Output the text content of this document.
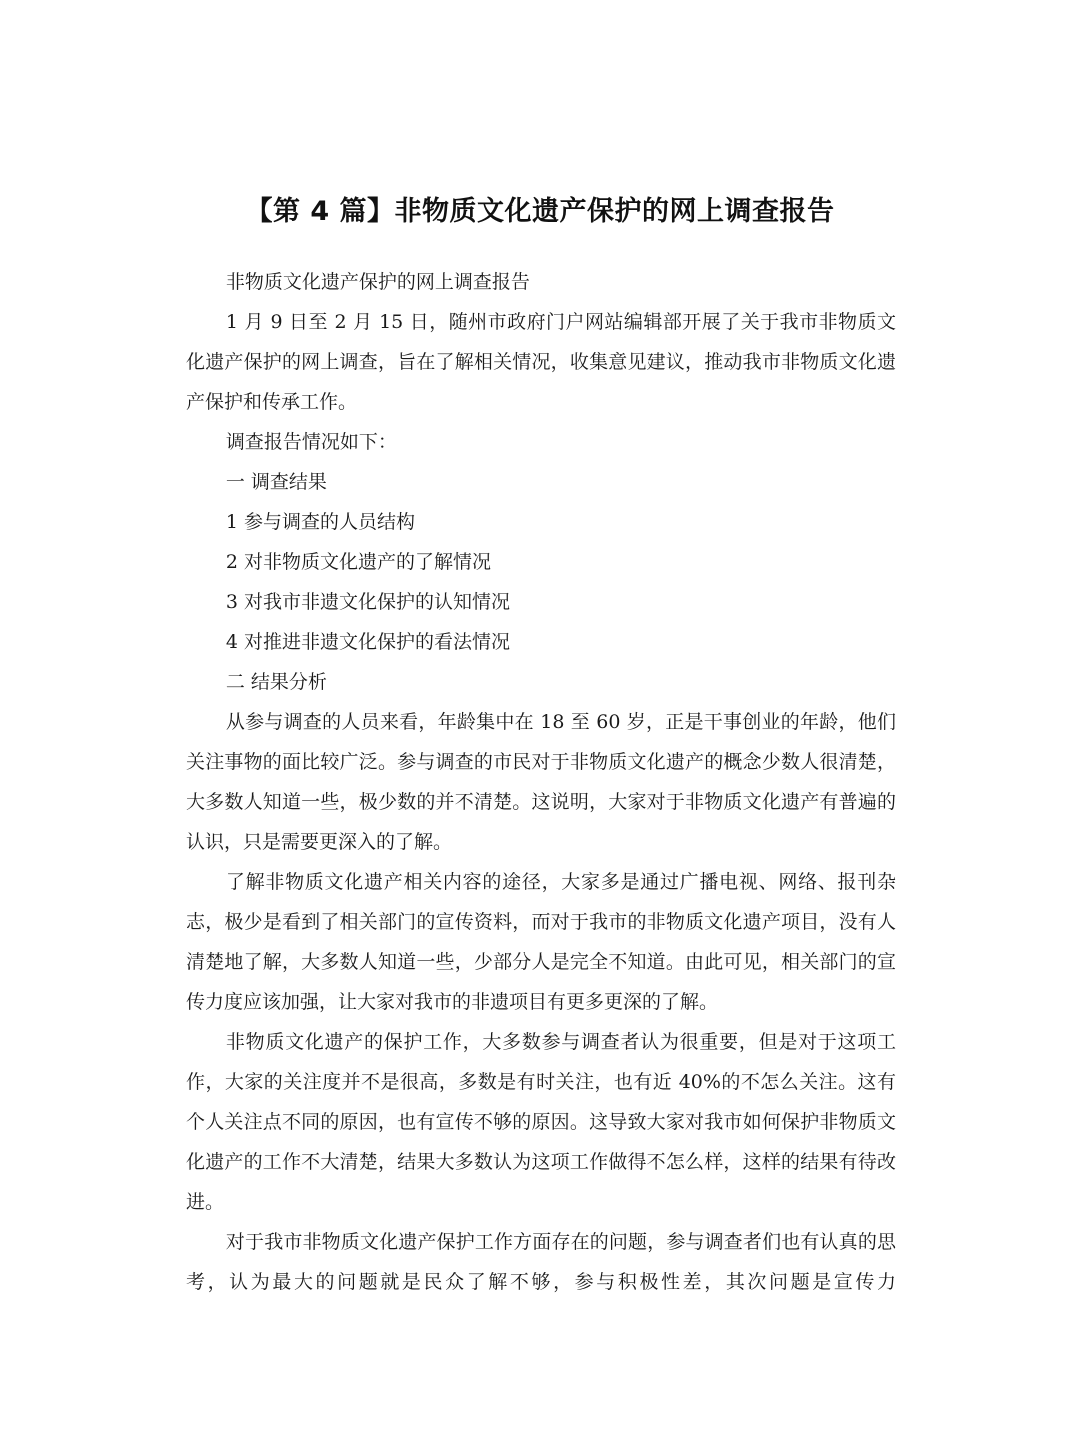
【第 4 篇】非物质文化遗产保护的网上调查报告

非物质文化遗产保护的网上调查报告

1 月 9 日至 2 月 15 日，随州市政府门户网站编辑部开展了关于我市非物质文化遗产保护的网上调查，旨在了解相关情况，收集意见建议，推动我市非物质文化遗产保护和传承工作。

调查报告情况如下：

一 调查结果

1 参与调查的人员结构

2 对非物质文化遗产的了解情况

3 对我市非遗文化保护的认知情况

4 对推进非遗文化保护的看法情况

二 结果分析

从参与调查的人员来看，年龄集中在 18 至 60 岁，正是干事创业的年龄，他们关注事物的面比较广泛。参与调查的市民对于非物质文化遗产的概念少数人很清楚，大多数人知道一些，极少数的并不清楚。这说明，大家对于非物质文化遗产有普遍的认识，只是需要更深入的了解。

了解非物质文化遗产相关内容的途径，大家多是通过广播电视、网络、报刊杂志，极少是看到了相关部门的宣传资料，而对于我市的非物质文化遗产项目，没有人清楚地了解，大多数人知道一些，少部分人是完全不知道。由此可见，相关部门的宣传力度应该加强，让大家对我市的非遗项目有更多更深的了解。

非物质文化遗产的保护工作，大多数参与调查者认为很重要，但是对于这项工作，大家的关注度并不是很高，多数是有时关注，也有近 40%的不怎么关注。这有个人关注点不同的原因，也有宣传不够的原因。这导致大家对我市如何保护非物质文化遗产的工作不大清楚，结果大多数认为这项工作做得不怎么样，这样的结果有待改进。

对于我市非物质文化遗产保护工作方面存在的问题，参与调查者们也有认真的思考，认为最大的问题就是民众了解不够，参与积极性差，其次问题是宣传力
